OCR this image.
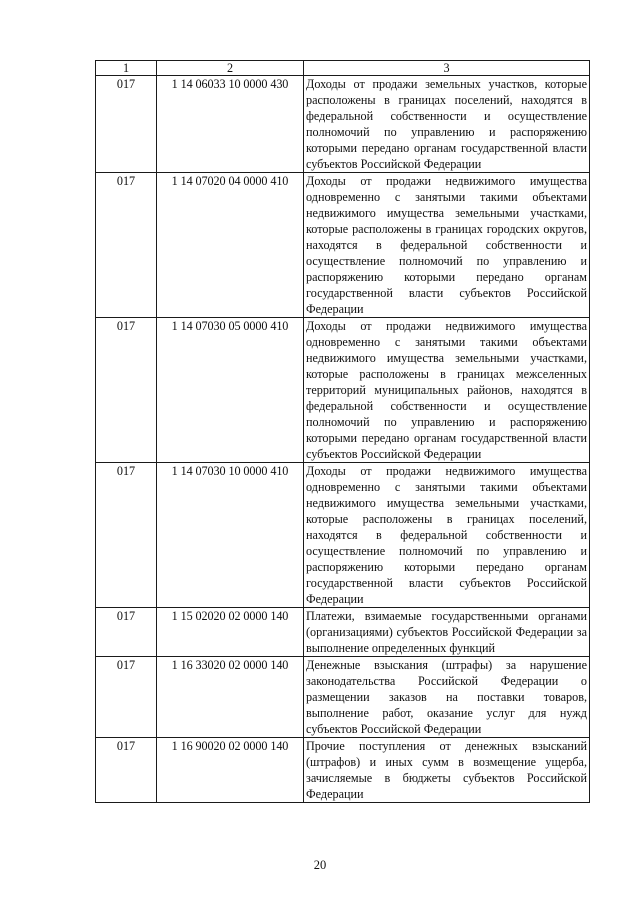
1	2	3
017	1 14 06033 10 0000 430	Доходы от продажи земельных участков, которые расположены в границах поселений, находятся в федеральной собственности и осуществление полномочий по управлению и распоряжению которыми передано органам государственной власти субъектов Российской Федерации
017	1 14 07020 04 0000 410	Доходы от продажи недвижимого имущества одновременно с занятыми такими объектами недвижимого имущества земельными участками, которые расположены в границах городских округов, находятся в федеральной собственности и осуществление полномочий по управлению и распоряжению которыми передано органам государственной власти субъектов Российской Федерации
017	1 14 07030 05 0000 410	Доходы от продажи недвижимого имущества одновременно с занятыми такими объектами недвижимого имущества земельными участками, которые расположены в границах межселенных территорий муниципальных районов, находятся в федеральной собственности и осуществление полномочий по управлению и распоряжению которыми передано органам государственной власти субъектов Российской Федерации
017	1 14 07030 10 0000 410	Доходы от продажи недвижимого имущества одновременно с занятыми такими объектами недвижимого имущества земельными участками, которые расположены в границах поселений, находятся в федеральной собственности и осуществление полномочий по управлению и распоряжению которыми передано органам государственной власти субъектов Российской Федерации
017	1 15 02020 02 0000 140	Платежи, взимаемые государственными органами (организациями) субъектов Российской Федерации за выполнение определенных функций
017	1 16 33020 02 0000 140	Денежные взыскания (штрафы) за нарушение законодательства Российской Федерации о размещении заказов на поставки товаров, выполнение работ, оказание услуг для нужд субъектов Российской Федерации
017	1 16 90020 02 0000 140	Прочие поступления от денежных взысканий (штрафов) и иных сумм в возмещение ущерба, зачисляемые в бюджеты субъектов Российской Федерации
20
